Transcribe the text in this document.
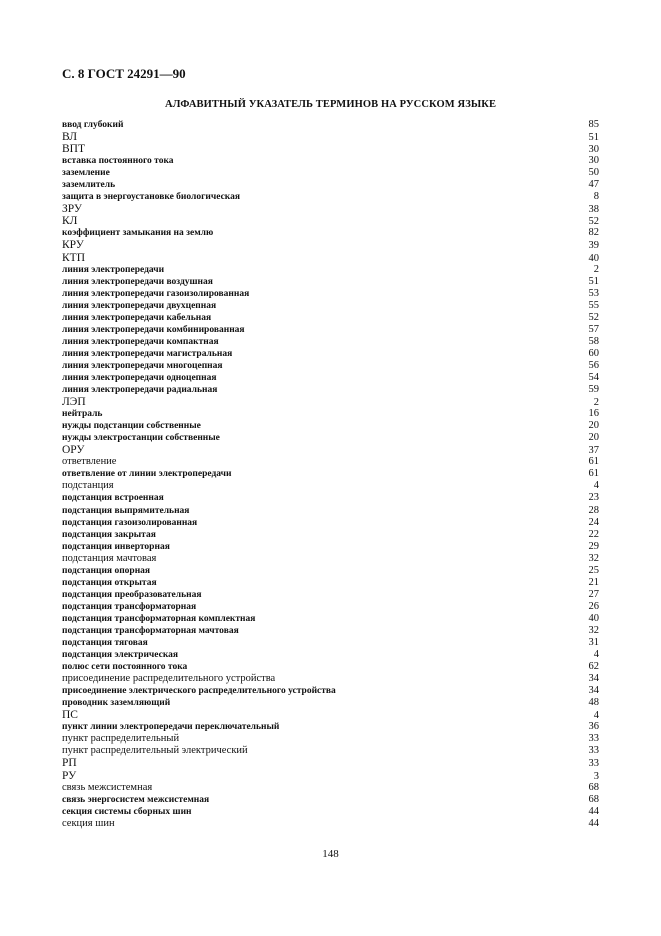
С. 8 ГОСТ 24291—90
АЛФАВИТНЫЙ УКАЗАТЕЛЬ ТЕРМИНОВ НА РУССКОМ ЯЗЫКЕ
ввод глубокий	85
ВЛ	51
ВПТ	30
вставка постоянного тока	30
заземление	50
заземлитель	47
защита в энергоустановке биологическая	8
ЗРУ	38
КЛ	52
коэффициент замыкания на землю	82
КРУ	39
КТП	40
линия электропередачи	2
линия электропередачи воздушная	51
линия электропередачи газоизолированная	53
линия электропередачи двухцепная	55
линия электропередачи кабельная	52
линия электропередачи комбинированная	57
линия электропередачи компактная	58
линия электропередачи магистральная	60
линия электропередачи многоцепная	56
линия электропередачи одноцепная	54
линия электропередачи радиальная	59
ЛЭП	2
нейтраль	16
нужды подстанции собственные	20
нужды электростанции собственные	20
ОРУ	37
ответвление	61
ответвление от линии электропередачи	61
подстанция	4
подстанция встроенная	23
подстанция выпрямительная	28
подстанция газоизолированная	24
подстанция закрытая	22
подстанция инверторная	29
подстанция мачтовая	32
подстанция опорная	25
подстанция открытая	21
подстанция преобразовательная	27
подстанция трансформаторная	26
подстанция трансформаторная комплектная	40
подстанция трансформаторная мачтовая	32
подстанция тяговая	31
подстанция электрическая	4
полюс сети постоянного тока	62
присоединение распределительного устройства	34
присоединение электрического распределительного устройства	34
проводник заземляющий	48
ПС	4
пункт линии электропередачи переключательный	36
пункт распределительный	33
пункт распределительный электрический	33
РП	33
РУ	3
связь межсистемная	68
связь энергосистем межсистемная	68
секция системы сборных шин	44
секция шин	44
148
